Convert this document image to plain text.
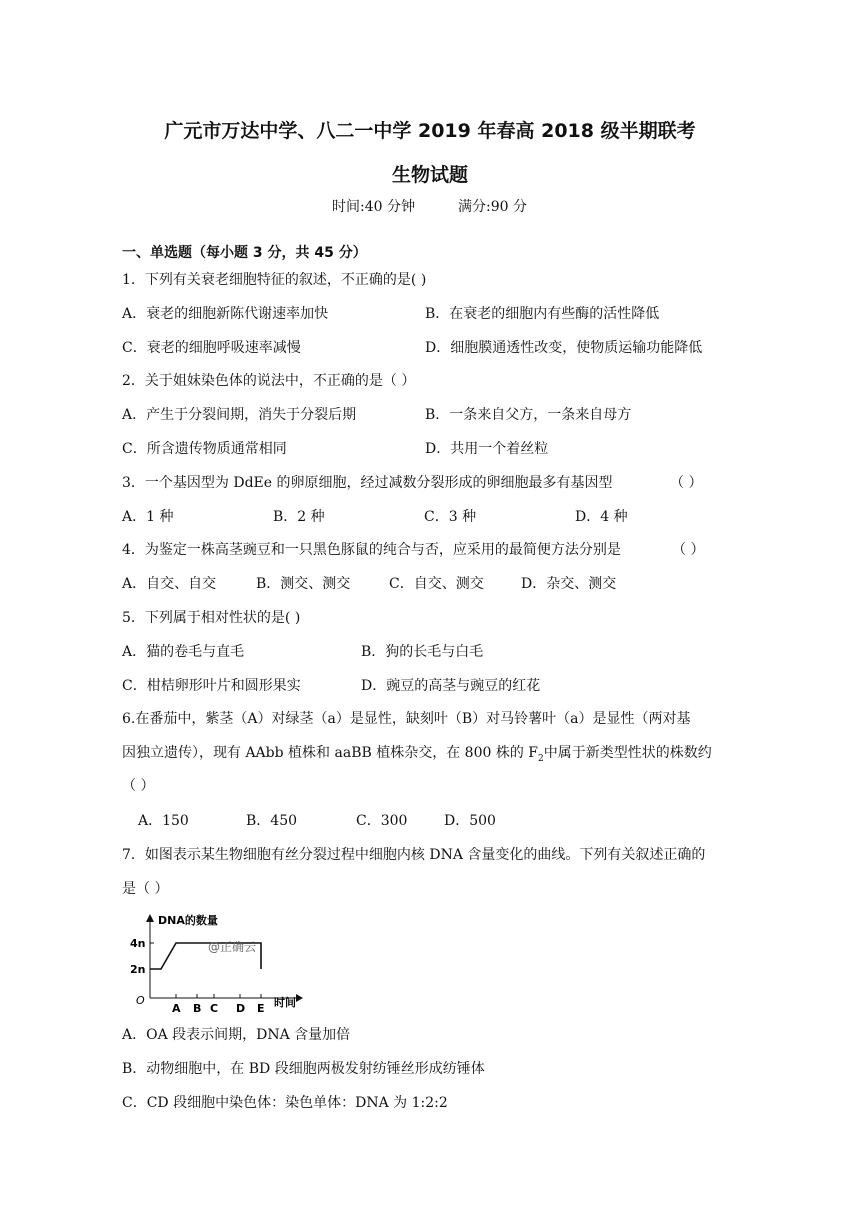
广元市万达中学、八二一中学 2019 年春高 2018 级半期联考
生物试题
时间:40 分钟	满分:90 分
一、单选题（每小题 3 分，共 45 分）
1．下列有关衰老细胞特征的叙述，不正确的是( )
A．衰老的细胞新陈代谢速率加快	B．在衰老的细胞内有些酶的活性降低
C．衰老的细胞呼吸速率减慢	D．细胞膜通透性改变，使物质运输功能降低
2．关于姐妹染色体的说法中，不正确的是（ ）
A．产生于分裂间期，消失于分裂后期	B．一条来自父方，一条来自母方
C．所含遗传物质通常相同	D．共用一个着丝粒
3．一个基因型为 DdEe 的卵原细胞，经过减数分裂形成的卵细胞最多有基因型	（ ）
A．1 种	B．2 种	C．3 种	D．4 种
4．为鉴定一株高茎豌豆和一只黑色豚鼠的纯合与否，应采用的最简便方法分别是	（ ）
A．自交、自交	B．测交、测交	C．自交、测交	D．杂交、测交
5．下列属于相对性状的是( )
A．猫的卷毛与直毛	B．狗的长毛与白毛
C．柑桔卵形叶片和圆形果实	D．豌豆的高茎与豌豆的红花
6.在番茄中，紫茎（A）对绿茎（a）是显性，缺刻叶（B）对马铃薯叶（a）是显性（两对基
因独立遗传），现有 AAbb 植株和 aaBB 植株杂交，在 800 株的 $F_2$中属于新类型性状的株数约
（ ）
A．150	B．450	C．300	D．500
7．如图表示某生物细胞有丝分裂过程中细胞内核 DNA 含量变化的曲线。下列有关叙述正确的
是（ ）
2n
4n
A B C D E
DNA的数量
O	时间
@正确云
A．OA 段表示间期，DNA 含量加倍
B．动物细胞中，在 BD 段细胞两极发射纺锤丝形成纺锤体
C．CD 段细胞中染色体：染色单体：DNA 为 1:2:2
